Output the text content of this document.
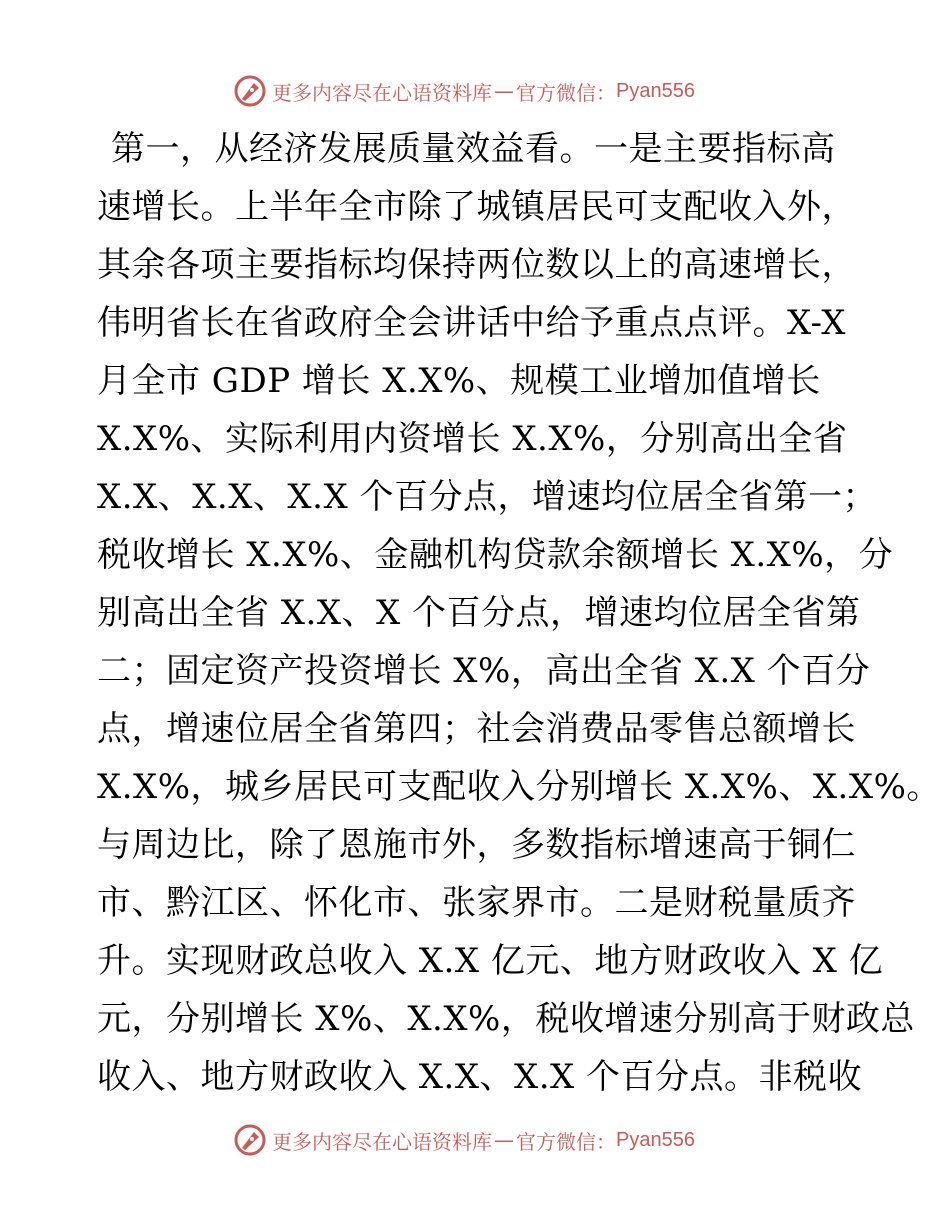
更多内容尽在心语资料库 — 官方微信： Pyan556
第一，从经济发展质量效益看。一是主要指标高
速增长。上半年全市除了城镇居民可支配收入外，
其余各项主要指标均保持两位数以上的高速增长，
伟明省长在省政府全会讲话中给予重点点评。X-X
月全市 GDP 增长 X.X%、规模工业增加值增长
X.X%、实际利用内资增长 X.X%，分别高出全省
X.X、X.X、X.X 个百分点，增速均位居全省第一；
税收增长 X.X%、金融机构贷款余额增长 X.X%，分
别高出全省 X.X、X 个百分点，增速均位居全省第
二；固定资产投资增长 X%，高出全省 X.X 个百分
点，增速位居全省第四；社会消费品零售总额增长
X.X%，城乡居民可支配收入分别增长 X.X%、X.X%。
与周边比，除了恩施市外，多数指标增速高于铜仁
市、黔江区、怀化市、张家界市。二是财税量质齐
升。实现财政总收入 X.X 亿元、地方财政收入 X 亿
元，分别增长 X%、X.X%，税收增速分别高于财政总
收入、地方财政收入 X.X、X.X 个百分点。非税收
更多内容尽在心语资料库 — 官方微信： Pyan556
